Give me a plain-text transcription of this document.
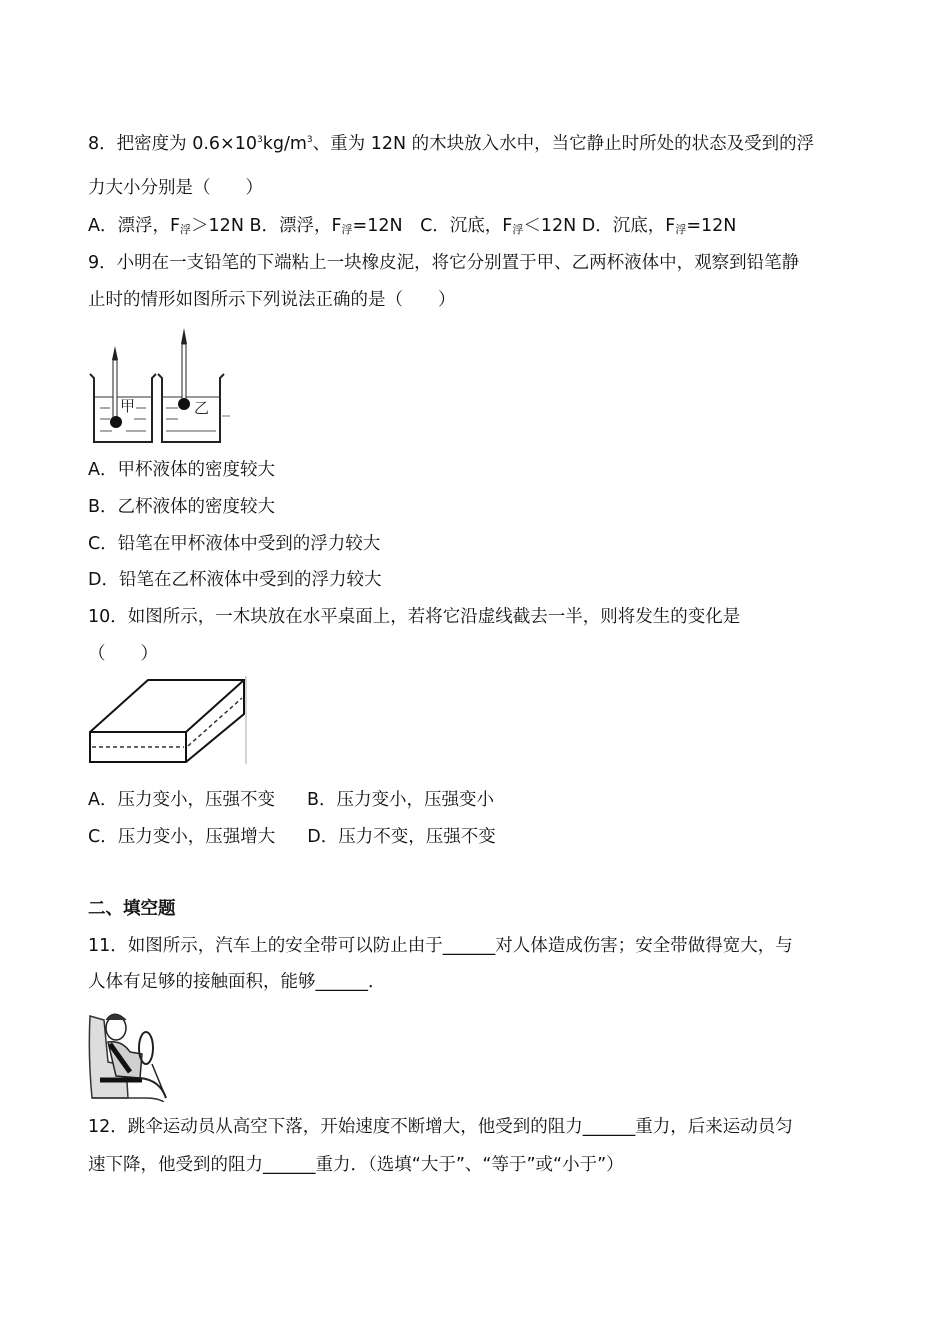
8．把密度为 $0.6\times 10^3kg/m^3$、重为 12N 的木块放入水中，当它静止时所处的状态及受到的浮
力大小分别是（　　）
A．漂浮，F浮＞12N B．漂浮，F浮=12N　C．沉底，F浮＜12N D．沉底，F浮=12N
9．小明在一支铅笔的下端粘上一块橡皮泥，将它分别置于甲、乙两杯液体中，观察到铅笔静
止时的情形如图所示下列说法正确的是（　　）
甲	乙
A．甲杯液体的密度较大
B．乙杯液体的密度较大
C．铅笔在甲杯液体中受到的浮力较大
D．铅笔在乙杯液体中受到的浮力较大
10．如图所示，一木块放在水平桌面上，若将它沿虚线截去一半，则将发生的变化是
（　　）
A．压力变小，压强不变 B．压力变小，压强变小
C．压力变小，压强增大 D．压力不变，压强不变
二、填空题
11．如图所示，汽车上的安全带可以防止由于______对人体造成伤害；安全带做得宽大，与
人体有足够的接触面积，能够______．
12．跳伞运动员从高空下落，开始速度不断增大，他受到的阻力______重力，后来运动员匀
速下降，他受到的阻力______重力．（选填“大于”、“等于”或“小于”）
